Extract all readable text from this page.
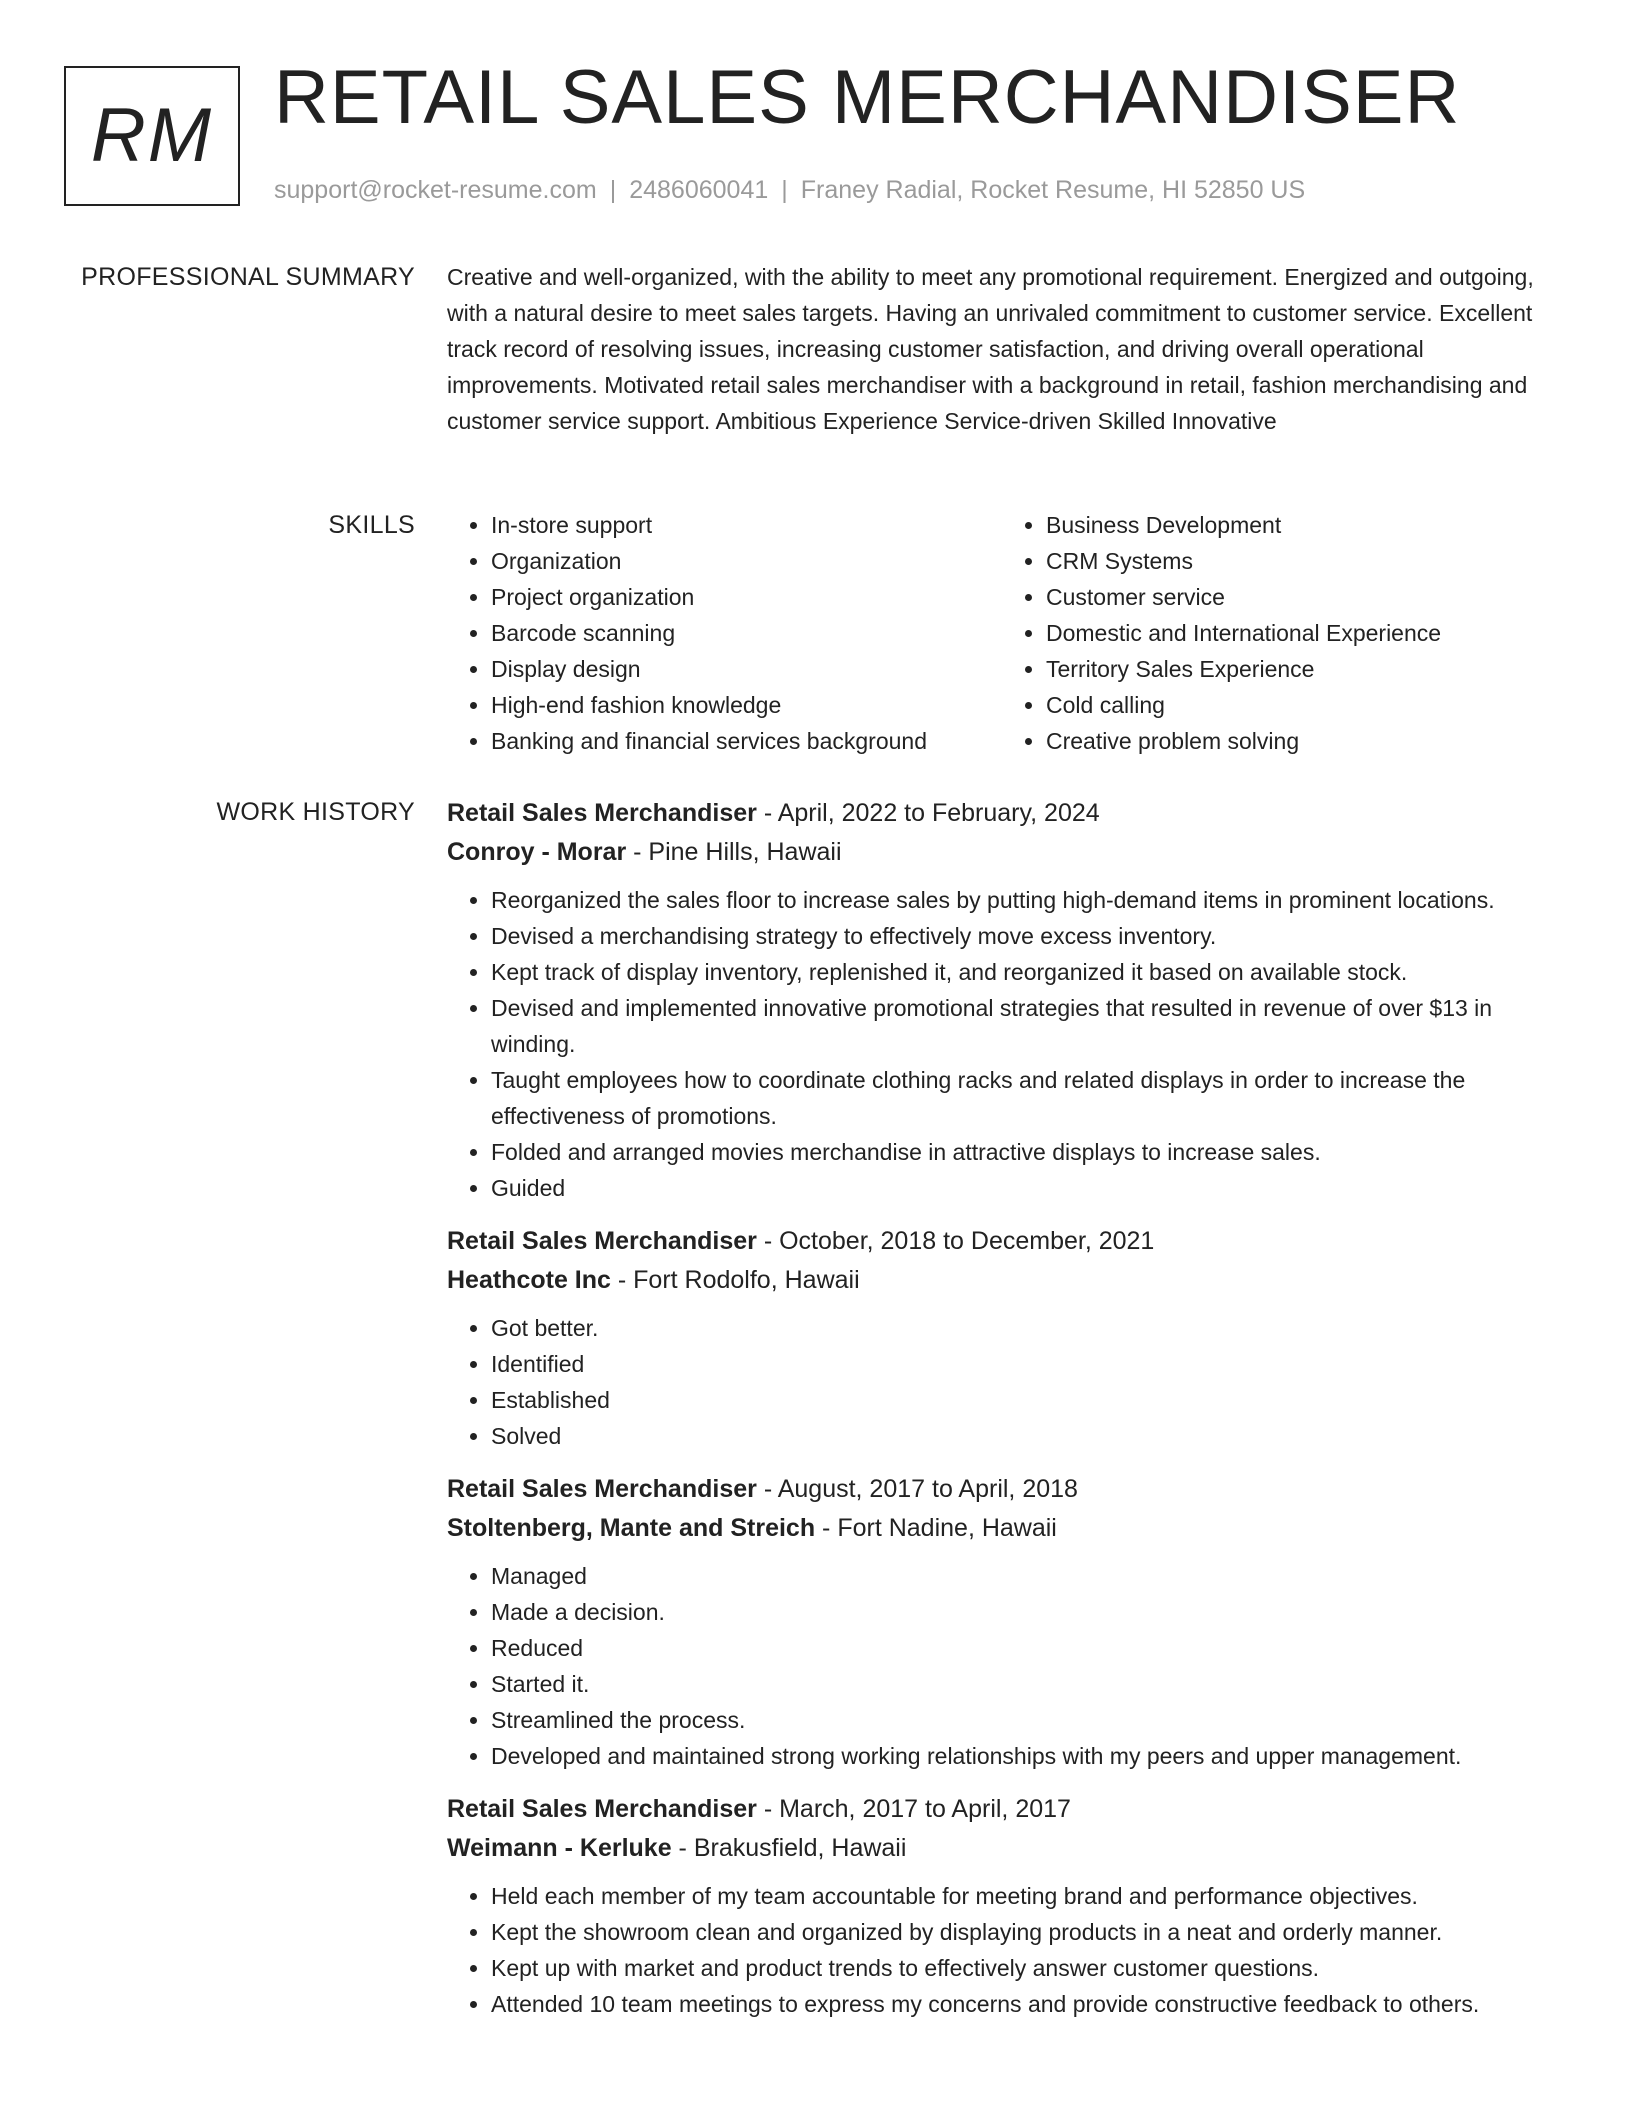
RM RETAIL SALES MERCHANDISER
support@rocket-resume.com | 2486060041 | Franey Radial, Rocket Resume, HI 52850 US
PROFESSIONAL SUMMARY Creative and well-organized, with the ability to meet any promotional requirement. Energized and outgoing, with a natural desire to meet sales targets. Having an unrivaled commitment to customer service. Excellent track record of resolving issues, increasing customer satisfaction, and driving overall operational improvements. Motivated retail sales merchandiser with a background in retail, fashion merchandising and customer service support. Ambitious Experience Service-driven Skilled Innovative

SKILLS
•	In-store support
• Organization
• Project organization
• Barcode scanning
• Display design
• High-end fashion knowledge
• Banking and financial services background
• Business Development
• CRM Systems
• Customer service
• Domestic and International Experience
• Territory Sales Experience
• Cold calling
• Creative problem solving
WORK HISTORY Retail Sales Merchandiser - April, 2022 to February, 2024
Conroy - Morar - Pine Hills, Hawaii
• Reorganized the sales floor to increase sales by putting high-demand items in prominent locations.
• Devised a merchandising strategy to effectively move excess inventory.
• Kept track of display inventory, replenished it, and reorganized it based on available stock.
• Devised and implemented innovative promotional strategies that resulted in revenue of over $13 in winding.
• Taught employees how to coordinate clothing racks and related displays in order to increase the effectiveness of promotions.
• Folded and arranged movies merchandise in attractive displays to increase sales.
• Guided
Retail Sales Merchandiser - October, 2018 to December, 2021
Heathcote Inc - Fort Rodolfo, Hawaii
• Got better.
• Identified
• Established
• Solved
Retail Sales Merchandiser - August, 2017 to April, 2018
Stoltenberg, Mante and Streich - Fort Nadine, Hawaii
• Managed
• Made a decision.
• Reduced
• Started it.
• Streamlined the process.
• Developed and maintained strong working relationships with my peers and upper management.
Retail Sales Merchandiser - March, 2017 to April, 2017
Weimann - Kerluke - Brakusfield, Hawaii
• Held each member of my team accountable for meeting brand and performance objectives.
• Kept the showroom clean and organized by displaying products in a neat and orderly manner.
• Kept up with market and product trends to effectively answer customer questions.
• Attended 10 team meetings to express my concerns and provide constructive feedback to others.
